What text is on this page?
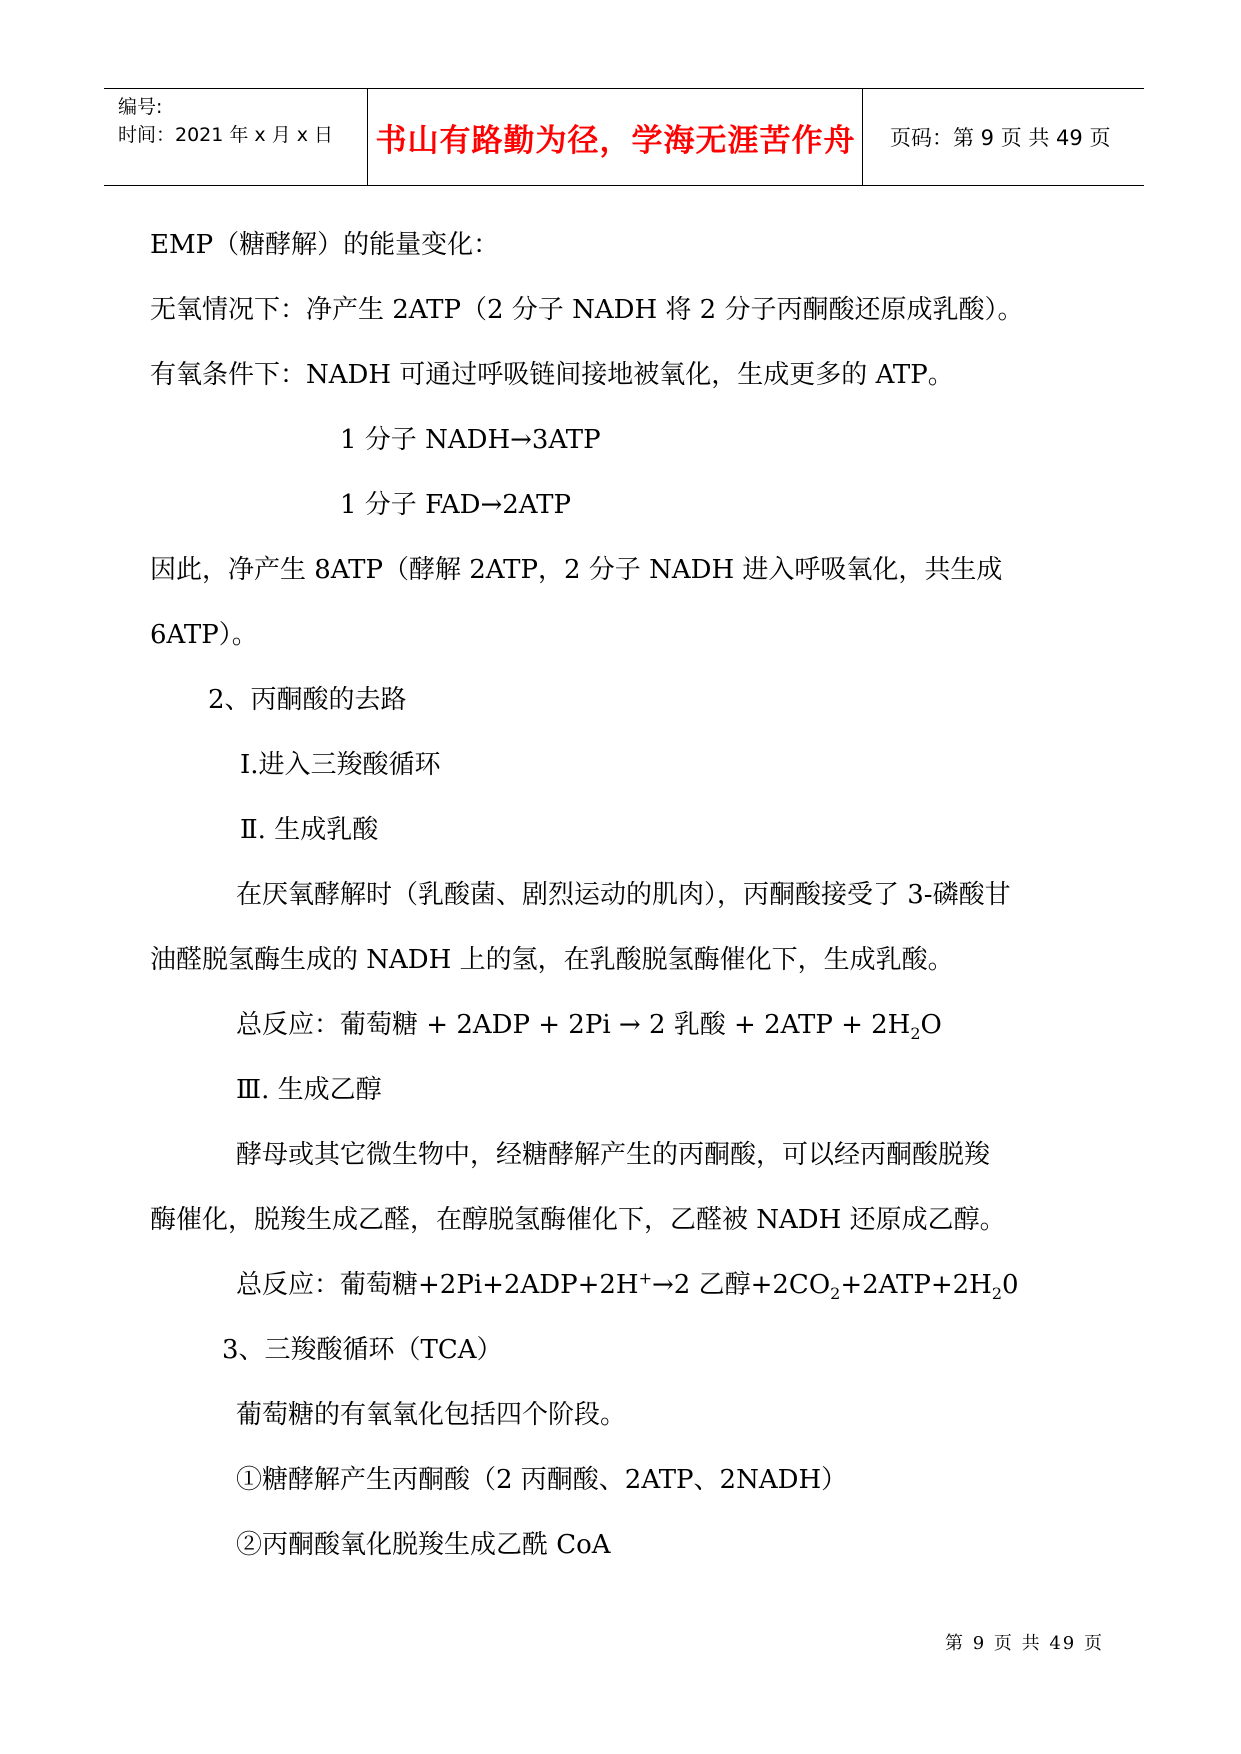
编号:
时间：2021 年 x 月 x 日 书山有路勤为径，学海无涯苦作舟	页码：第 9 页 共 49 页
EMP（糖酵解）的能量变化：
无氧情况下：净产生 2ATP（2 分子 NADH 将 2 分子丙酮酸还原成乳酸）。
有氧条件下：NADH 可通过呼吸链间接地被氧化，生成更多的 ATP。
1 分子 NADH→3ATP
1 分子 FAD→2ATP
因此，净产生 8ATP（酵解 2ATP，2 分子 NADH 进入呼吸氧化，共生成
6ATP）。
2、丙酮酸的去路
Ⅰ.进入三羧酸循环
Ⅱ. 生成乳酸
在厌氧酵解时（乳酸菌、剧烈运动的肌肉），丙酮酸接受了 3-磷酸甘
油醛脱氢酶生成的 NADH 上的氢，在乳酸脱氢酶催化下，生成乳酸。
总反应：葡萄糖 + 2ADP + 2Pi → 2 乳酸 + $2ATP + 2H_2O$
Ⅲ. 生成乙醇
酵母或其它微生物中，经糖酵解产生的丙酮酸，可以经丙酮酸脱羧
酶催化，脱羧生成乙醛，在醇脱氢酶催化下，乙醛被 NADH 还原成乙醇。
总反应：葡萄糖+2Pi+2ADP+2H+→2 乙醇$+2CO_2+2ATP+2H_20$
3、三羧酸循环（TCA）
葡萄糖的有氧氧化包括四个阶段。
①糖酵解产生丙酮酸（2 丙酮酸、2ATP、2NADH）
②丙酮酸氧化脱羧生成乙酰 CoA
第 9 页 共 49 页
